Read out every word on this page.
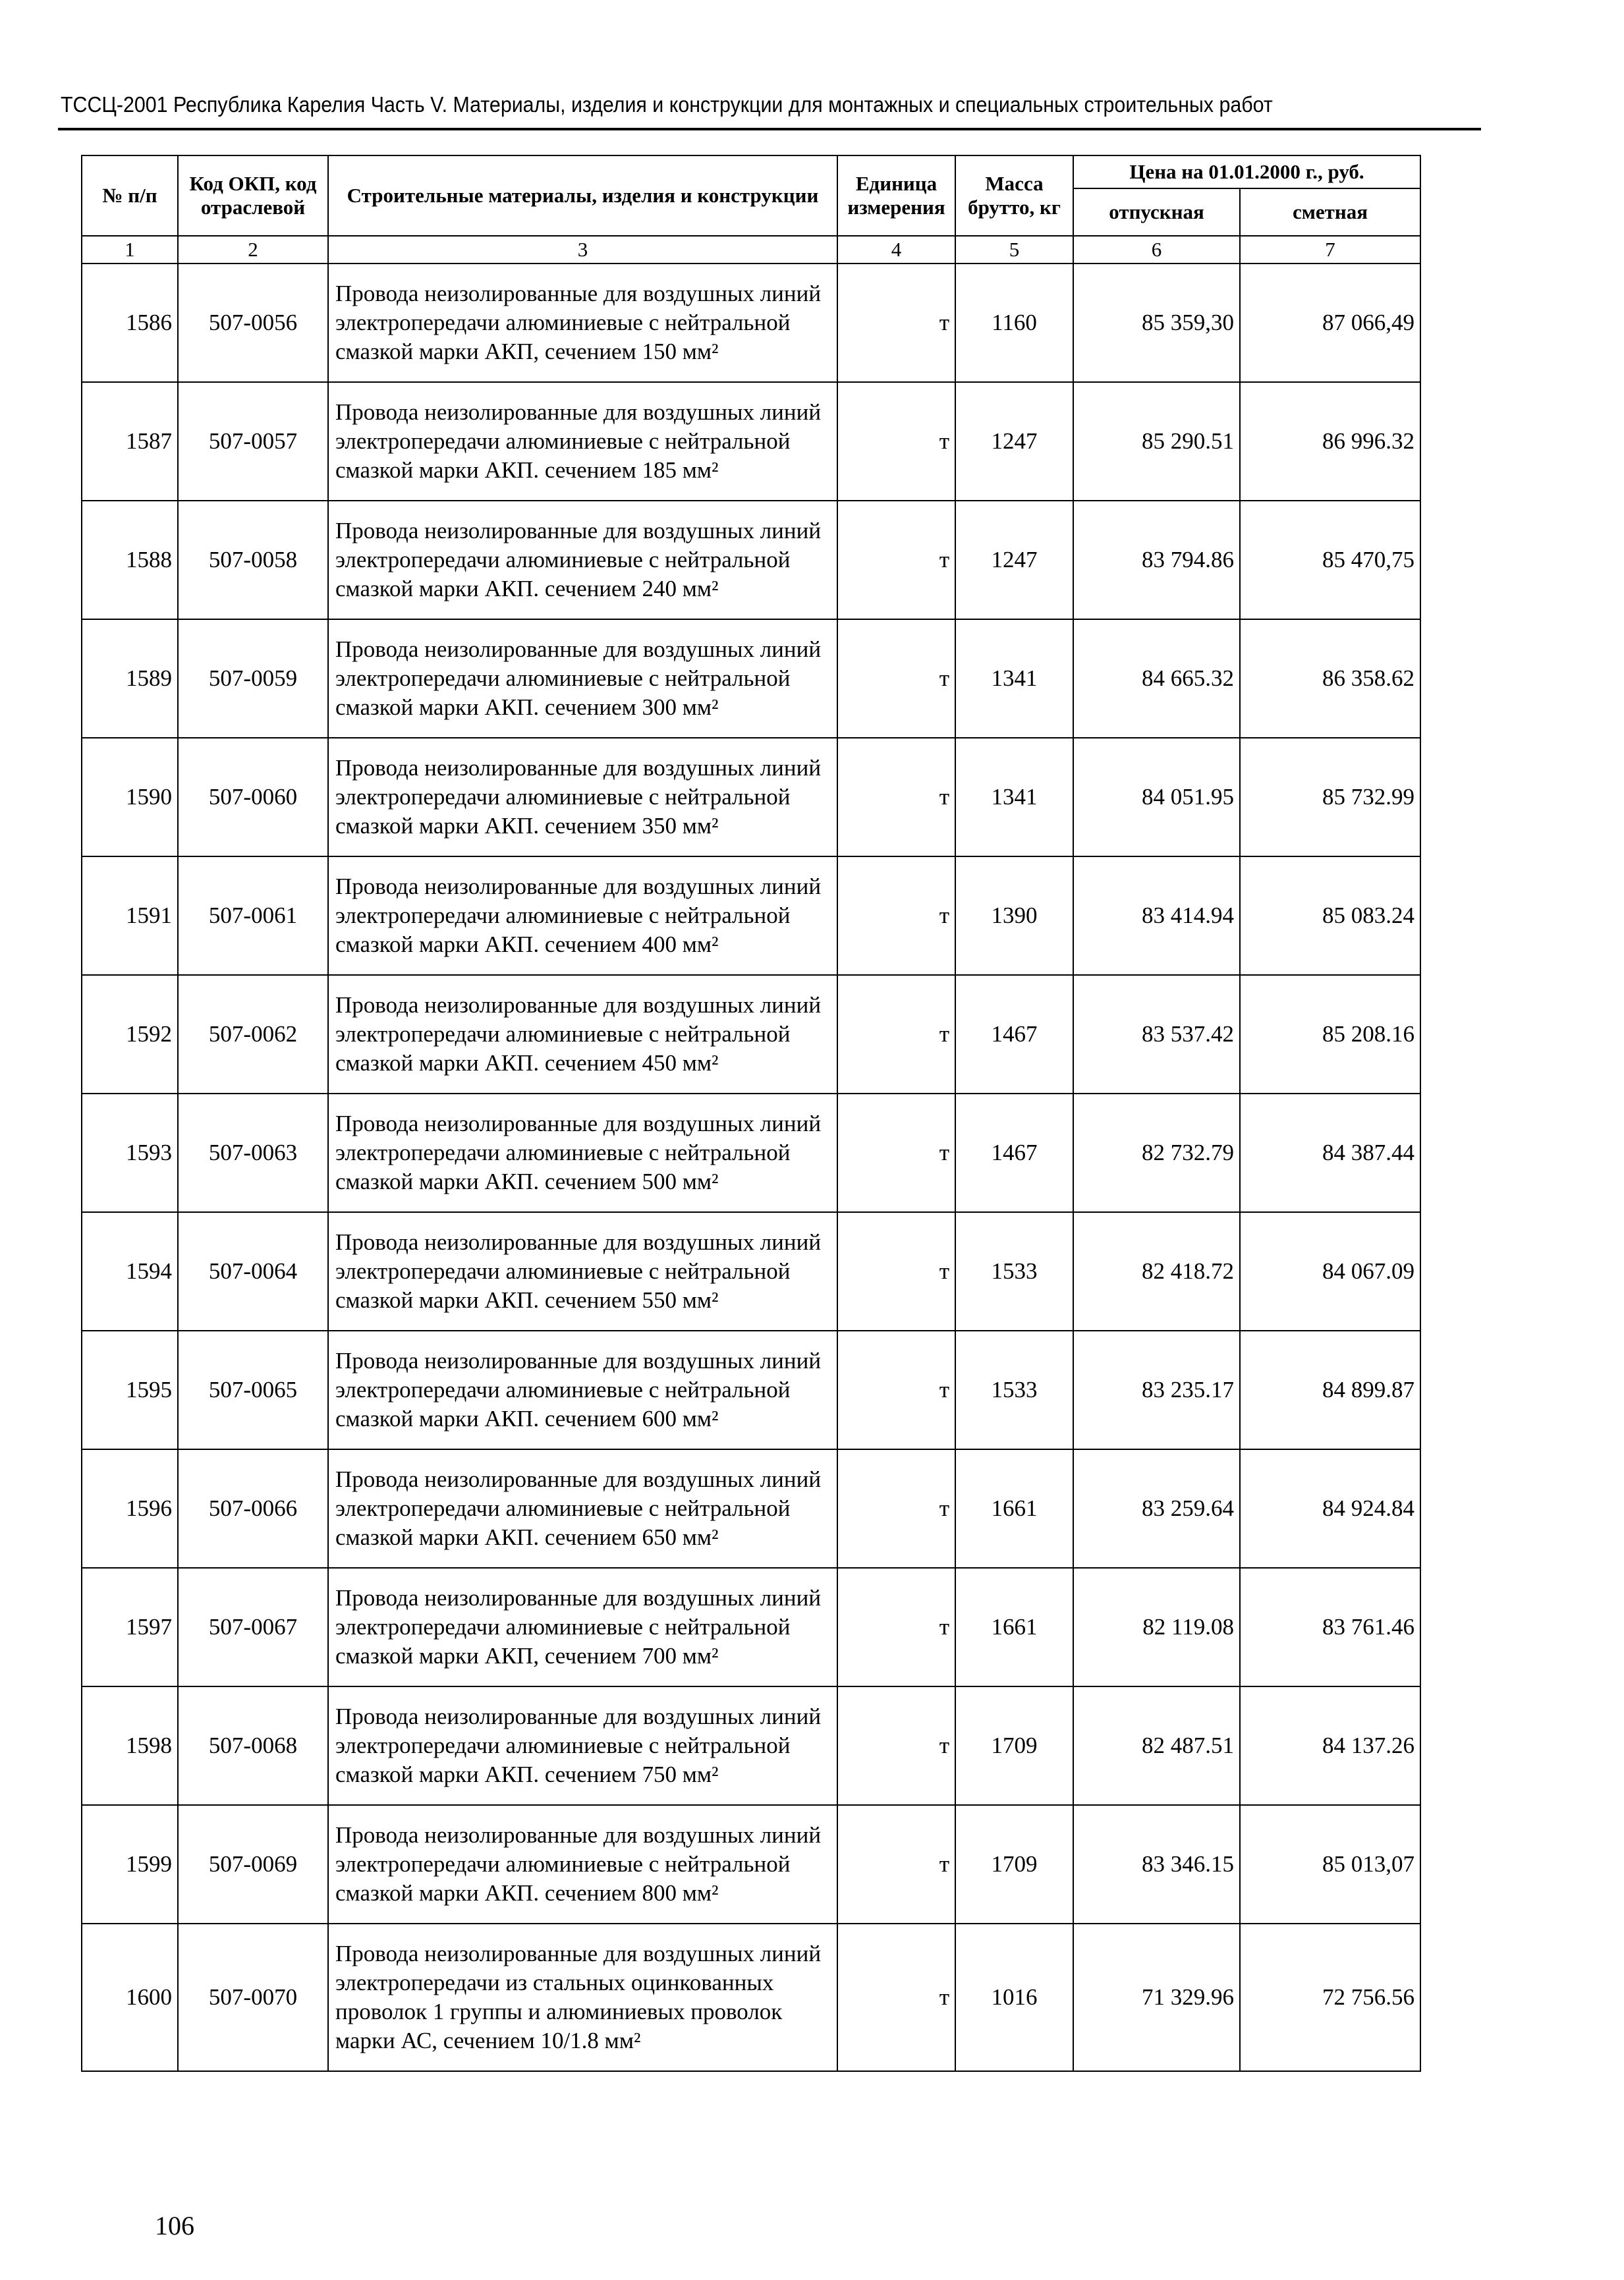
ТССЦ-2001 Республика Карелия Часть V. Материалы, изделия и конструкции для монтажных и специальных строительных работ
№ п/п	Код ОКП, код отраслевой	Строительные материалы, изделия и конструкции	Единица измерения	Масса брутто, кг	Цена на 01.01.2000 г., руб.	
					отпускная	сметная
1	2	3	4	5	6	7
1586	507-0056	Провода неизолированные для воздушных линий электропередачи алюминиевые с нейтральной смазкой марки АКП, сечением 150 мм²	т	1160	85 359,30	87 066,49
1587	507-0057	Провода неизолированные для воздушных линий электропередачи алюминиевые с нейтральной смазкой марки АКП. сечением 185 мм²	т	1247	85 290.51	86 996.32
1588	507-0058	Провода неизолированные для воздушных линий электропередачи алюминиевые с нейтральной смазкой марки АКП. сечением 240 мм²	т	1247	83 794.86	85 470,75
1589	507-0059	Провода неизолированные для воздушных линий электропередачи алюминиевые с нейтральной смазкой марки АКП. сечением 300 мм²	т	1341	84 665.32	86 358.62
1590	507-0060	Провода неизолированные для воздушных линий электропередачи алюминиевые с нейтральной смазкой марки АКП. сечением 350 мм²	т	1341	84 051.95	85 732.99
1591	507-0061	Провода неизолированные для воздушных линий электропередачи алюминиевые с нейтральной смазкой марки АКП. сечением 400 мм²	т	1390	83 414.94	85 083.24
1592	507-0062	Провода неизолированные для воздушных линий электропередачи алюминиевые с нейтральной смазкой марки АКП. сечением 450 мм²	т	1467	83 537.42	85 208.16
1593	507-0063	Провода неизолированные для воздушных линий электропередачи алюминиевые с нейтральной смазкой марки АКП. сечением 500 мм²	т	1467	82 732.79	84 387.44
1594	507-0064	Провода неизолированные для воздушных линий электропередачи алюминиевые с нейтральной смазкой марки АКП. сечением 550 мм²	т	1533	82 418.72	84 067.09
1595	507-0065	Провода неизолированные для воздушных линий электропередачи алюминиевые с нейтральной смазкой марки АКП. сечением 600 мм²	т	1533	83 235.17	84 899.87
1596	507-0066	Провода неизолированные для воздушных линий электропередачи алюминиевые с нейтральной смазкой марки АКП. сечением 650 мм²	т	1661	83 259.64	84 924.84
1597	507-0067	Провода неизолированные для воздушных линий электропередачи алюминиевые с нейтральной смазкой марки АКП, сечением 700 мм²	т	1661	82 119.08	83 761.46
1598	507-0068	Провода неизолированные для воздушных линий электропередачи алюминиевые с нейтральной смазкой марки АКП. сечением 750 мм²	т	1709	82 487.51	84 137.26
1599	507-0069	Провода неизолированные для воздушных линий электропередачи алюминиевые с нейтральной смазкой марки АКП. сечением 800 мм²	т	1709	83 346.15	85 013,07
1600	507-0070	Провода неизолированные для воздушных линий электропередачи из стальных оцинкованных проволок 1 группы и алюминиевых проволок марки АС, сечением 10/1.8 мм²	т	1016	71 329.96	72 756.56
106
